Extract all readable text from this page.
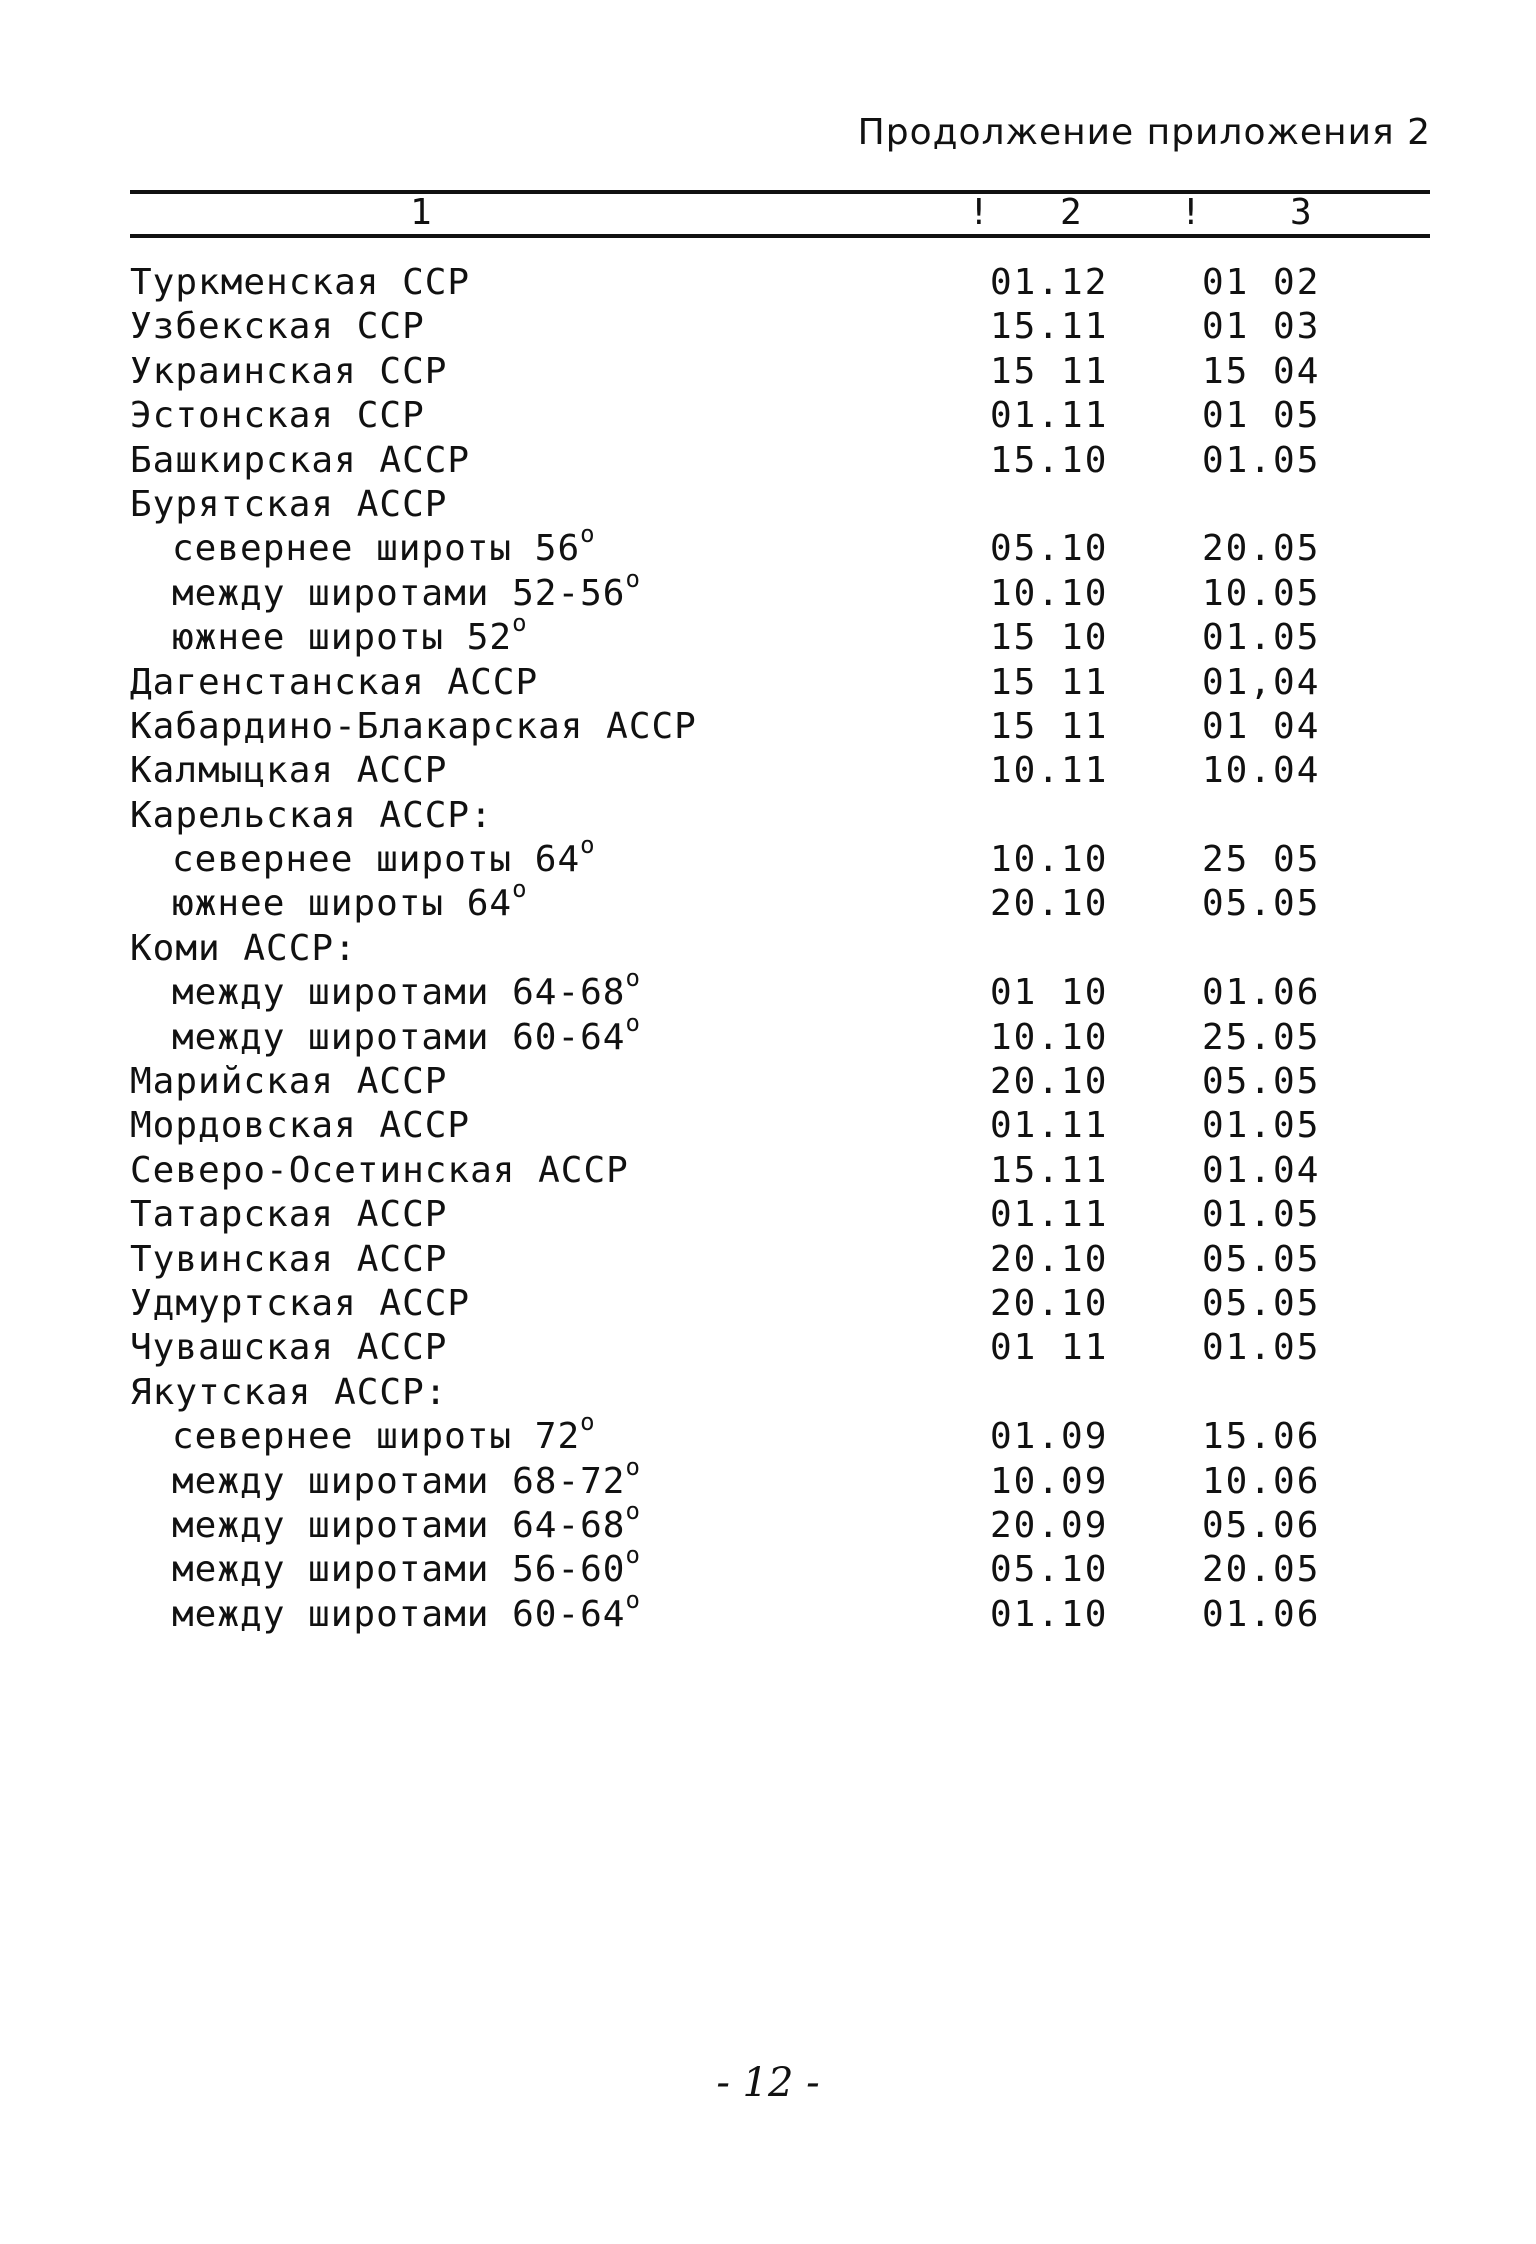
Продолжение приложения 2
1	! 2	! 3
Туркменская ССР	01.12	01 02
Узбекская ССР	15.11	01 03
Украинская ССР	15 11	15 04
Эстонская ССР	01.11	01 05
Башкирская АССР	15.10	01.05
Бурятская АССР
севернее широты $56^о$	05.10	20.05
между широтами $52-56^о$	10.10	10.05
южнее широты $52^о$	15 10	01.05
Дагенстанская АССР	15 11	01,04
Кабардино-Блакарская АССР	15 11	01 04
Калмыцкая АССР	10.11	10.04
Карельская АССР:
севернее широты $64^о$	10.10	25 05
южнее широты $64^о$	20.10	05.05
Коми АССР:
между широтами $64-68^о$	01 10	01.06
между широтами $60-64^о$	10.10	25.05
Марийская АССР	20.10	05.05
Мордовская АССР	01.11	01.05
Северо-Осетинская АССР	15.11	01.04
Татарская АССР	01.11	01.05
Тувинская АССР	20.10	05.05
Удмуртская АССР	20.10	05.05
Чувашская АССР	01 11	01.05
Якутская АССР:
севернее широты $72^о$	01.09	15.06
между широтами $68-72^о$	10.09	10.06
между широтами $64-68^о$	20.09	05.06
между широтами $56-60^о$	05.10	20.05
между широтами $60-64^о$	01.10	01.06
- 12 -
